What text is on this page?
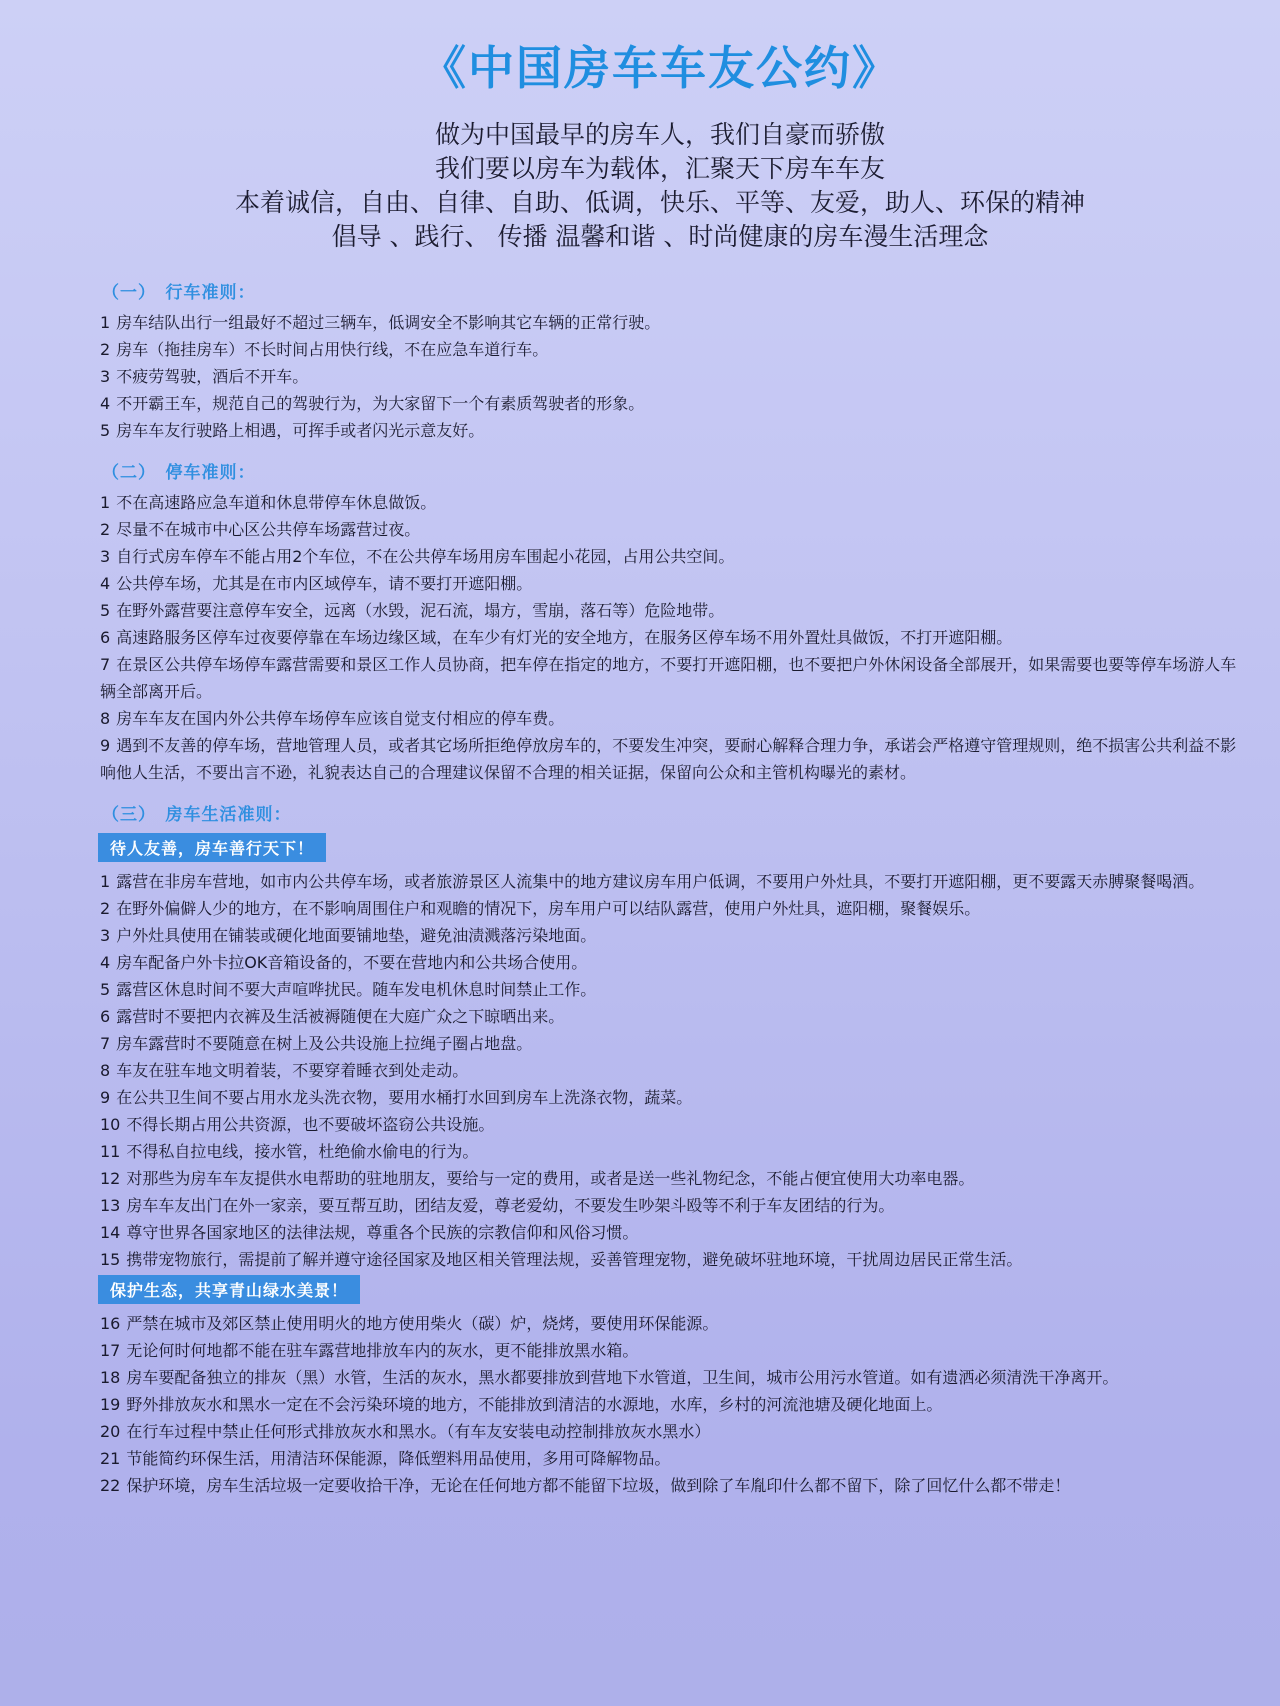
《中国房车车友公约》
做为中国最早的房车人，我们自豪而骄傲
我们要以房车为载体，汇聚天下房车车友
本着诚信，自由、自律、自助、低调，快乐、平等、友爱，助人、环保的精神
倡导 、践行、 传播 温馨和谐 、时尚健康的房车漫生活理念
（一）　行车准则：
1 房车结队出行一组最好不超过三辆车，低调安全不影响其它车辆的正常行驶。
2 房车（拖挂房车）不长时间占用快行线，不在应急车道行车。
3 不疲劳驾驶，酒后不开车。
4 不开霸王车，规范自己的驾驶行为，为大家留下一个有素质驾驶者的形象。
5 房车车友行驶路上相遇，可挥手或者闪光示意友好。
（二）　停车准则：
1 不在高速路应急车道和休息带停车休息做饭。
2 尽量不在城市中心区公共停车场露营过夜。
3 自行式房车停车不能占用2个车位，不在公共停车场用房车围起小花园，占用公共空间。
4 公共停车场，尤其是在市内区域停车，请不要打开遮阳棚。
5 在野外露营要注意停车安全，远离（水毁，泥石流，塌方，雪崩，落石等）危险地带。
6 高速路服务区停车过夜要停靠在车场边缘区域，在车少有灯光的安全地方，在服务区停车场不用外置灶具做饭，不打开遮阳棚。
7 在景区公共停车场停车露营需要和景区工作人员协商，把车停在指定的地方，不要打开遮阳棚，也不要把户外休闲设备全部展开，如果需要也要等停车场游人车辆全部离开后。
8 房车车友在国内外公共停车场停车应该自觉支付相应的停车费。
9 遇到不友善的停车场，营地管理人员，或者其它场所拒绝停放房车的，不要发生冲突，要耐心解释合理力争，承诺会严格遵守管理规则，绝不损害公共利益不影响他人生活，不要出言不逊，礼貌表达自己的合理建议保留不合理的相关证据，保留向公众和主管机构曝光的素材。
（三）　房车生活准则：
待人友善，房车善行天下！
1 露营在非房车营地，如市内公共停车场，或者旅游景区人流集中的地方建议房车用户低调，不要用户外灶具，不要打开遮阳棚，更不要露天赤膊聚餐喝酒。
2 在野外偏僻人少的地方，在不影响周围住户和观瞻的情况下，房车用户可以结队露营，使用户外灶具，遮阳棚，聚餐娱乐。
3 户外灶具使用在铺装或硬化地面要铺地垫，避免油渍溅落污染地面。
4 房车配备户外卡拉OK音箱设备的，不要在营地内和公共场合使用。
5 露营区休息时间不要大声喧哗扰民。随车发电机休息时间禁止工作。
6 露营时不要把内衣裤及生活被褥随便在大庭广众之下晾晒出来。
7 房车露营时不要随意在树上及公共设施上拉绳子圈占地盘。
8 车友在驻车地文明着装，不要穿着睡衣到处走动。
9 在公共卫生间不要占用水龙头洗衣物，要用水桶打水回到房车上洗涤衣物，蔬菜。
10 不得长期占用公共资源，也不要破坏盗窃公共设施。
11 不得私自拉电线，接水管，杜绝偷水偷电的行为。
12 对那些为房车车友提供水电帮助的驻地朋友，要给与一定的费用，或者是送一些礼物纪念，不能占便宜使用大功率电器。
13 房车车友出门在外一家亲，要互帮互助，团结友爱，尊老爱幼，不要发生吵架斗殴等不利于车友团结的行为。
14 尊守世界各国家地区的法律法规，尊重各个民族的宗教信仰和风俗习惯。
15 携带宠物旅行，需提前了解并遵守途径国家及地区相关管理法规，妥善管理宠物，避免破坏驻地环境，干扰周边居民正常生活。
保护生态，共享青山绿水美景！
16 严禁在城市及郊区禁止使用明火的地方使用柴火（碳）炉，烧烤，要使用环保能源。
17 无论何时何地都不能在驻车露营地排放车内的灰水，更不能排放黑水箱。
18 房车要配备独立的排灰（黑）水管，生活的灰水，黑水都要排放到营地下水管道，卫生间，城市公用污水管道。如有遗洒必须清洗干净离开。
19 野外排放灰水和黑水一定在不会污染环境的地方，不能排放到清洁的水源地，水库，乡村的河流池塘及硬化地面上。
20 在行车过程中禁止任何形式排放灰水和黑水。（有车友安装电动控制排放灰水黑水）
21 节能简约环保生活，用清洁环保能源，降低塑料用品使用，多用可降解物品。
22 保护环境，房车生活垃圾一定要收拾干净，无论在任何地方都不能留下垃圾，做到除了车胤印什么都不留下，除了回忆什么都不带走！
